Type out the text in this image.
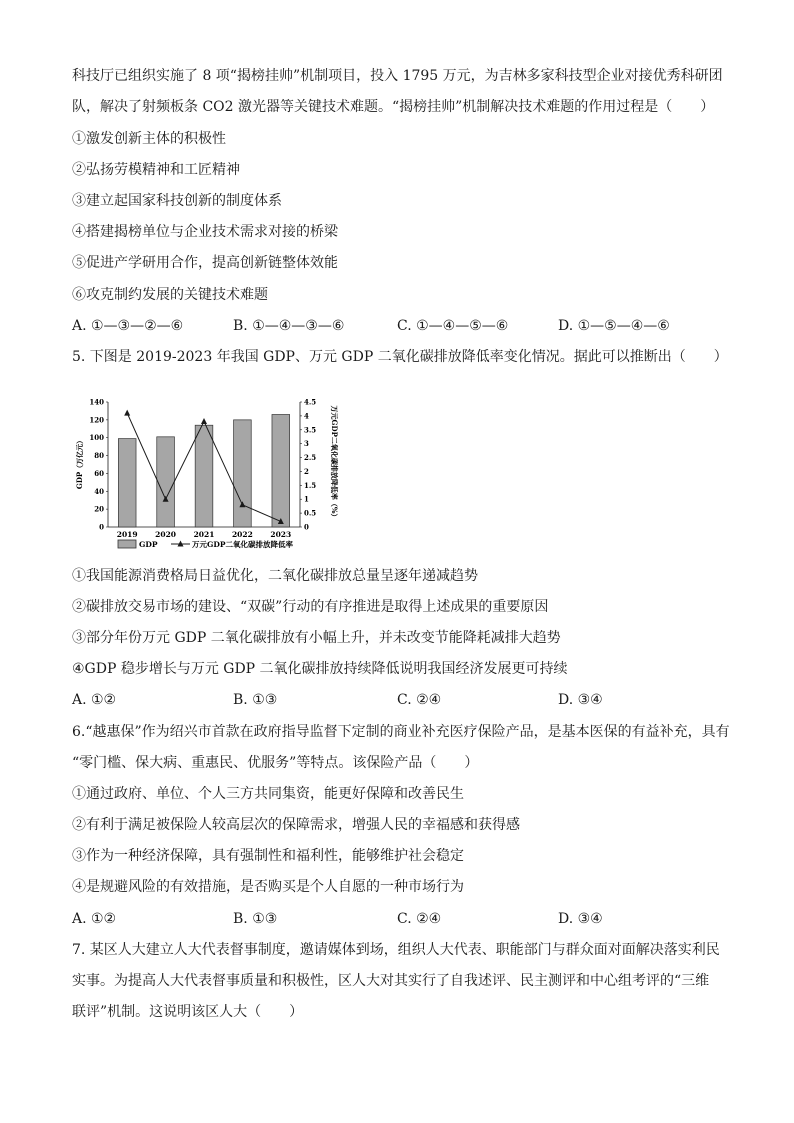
科技厅已组织实施了 8 项“揭榜挂帅”机制项目，投入 1795 万元，为吉林多家科技型企业对接优秀科研团
队，解决了射频板条 CO2 激光器等关键技术难题。“揭榜挂帅”机制解决技术难题的作用过程是（　　）
①激发创新主体的积极性
②弘扬劳模精神和工匠精神
③建立起国家科技创新的制度体系
④搭建揭榜单位与企业技术需求对接的桥梁
⑤促进产学研用合作，提高创新链整体效能
⑥攻克制约发展的关键技术难题
A. ①—③—②—⑥	B. ①—④—③—⑥	C. ①—④—⑤—⑥	D. ①—⑤—④—⑥
5. 下图是 2019-2023 年我国 GDP、万元 GDP 二氧化碳排放降低率变化情况。据此可以推断出（　　）
0
20
40
60
80
100
120
140
0
0.5
1
1.5
2
2.5
3
3.5
4
4.5
2019 2020 2021 2022 2023
GDP（万亿元）	万元GDP二氧化碳排放降低率（%）
GDP	万元GDP二氧化碳排放降低率
①我国能源消费格局日益优化，二氧化碳排放总量呈逐年递减趋势
②碳排放交易市场的建设、“双碳”行动的有序推进是取得上述成果的重要原因
③部分年份万元 GDP 二氧化碳排放有小幅上升，并未改变节能降耗减排大趋势
④GDP 稳步增长与万元 GDP 二氧化碳排放持续降低说明我国经济发展更可持续
A. ①②	B. ①③	C. ②④	D. ③④
6.“越惠保”作为绍兴市首款在政府指导监督下定制的商业补充医疗保险产品，是基本医保的有益补充，具有
“零门槛、保大病、重惠民、优服务”等特点。该保险产品（　　）
①通过政府、单位、个人三方共同集资，能更好保障和改善民生
②有利于满足被保险人较高层次的保障需求，增强人民的幸福感和获得感
③作为一种经济保障，具有强制性和福利性，能够维护社会稳定
④是规避风险的有效措施，是否购买是个人自愿的一种市场行为
A. ①②	B. ①③	C. ②④	D. ③④
7. 某区人大建立人大代表督事制度，邀请媒体到场，组织人大代表、职能部门与群众面对面解决落实利民
实事。为提高人大代表督事质量和积极性，区人大对其实行了自我述评、民主测评和中心组考评的“三维
联评”机制。这说明该区人大（　　）
